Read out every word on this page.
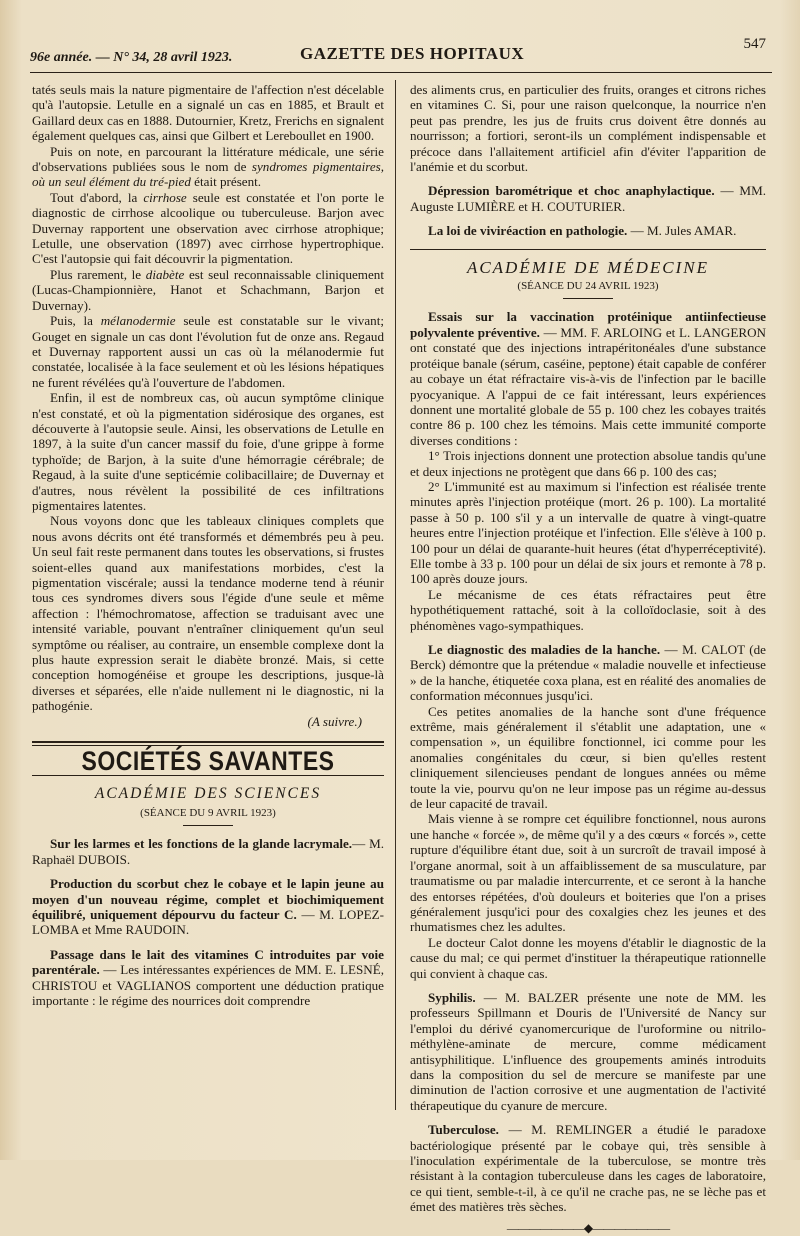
96e année. — N° 34, 28 avril 1923.	GAZETTE DES HOPITAUX	547

tatés seuls mais la nature pigmentaire de l'affection n'est décelable qu'à l'autopsie. Letulle en a signalé un cas en 1885, et Brault et Gaillard deux cas en 1888. Dutournier, Kretz, Frerichs en signalent également quelques cas, ainsi que Gilbert et Lereboullet en 1900.

Puis on note, en parcourant la littérature médicale, une série d'observations publiées sous le nom de syndromes pigmentaires, où un seul élément du tré-pied était présent.

Tout d'abord, la cirrhose seule est constatée et l'on porte le diagnostic de cirrhose alcoolique ou tuberculeuse. Barjon avec Duvernay rapportent une observation avec cirrhose atrophique; Letulle, une observation (1897) avec cirrhose hypertrophique. C'est l'autopsie qui fait découvrir la pigmentation.

Plus rarement, le diabète est seul reconnaissable cliniquement (Lucas-Championnière, Hanot et Schachmann, Barjon et Duvernay).

Puis, la mélanodermie seule est constatable sur le vivant; Gouget en signale un cas dont l'évolution fut de onze ans. Regaud et Duvernay rapportent aussi un cas où la mélanodermie fut constatée, localisée à la face seulement et où les lésions hépatiques ne furent révélées qu'à l'ouverture de l'abdomen.

Enfin, il est de nombreux cas, où aucun symptôme clinique n'est constaté, et où la pigmentation sidérosique des organes, est découverte à l'autopsie seule. Ainsi, les observations de Letulle en 1897, à la suite d'un cancer massif du foie, d'une grippe à forme typhoïde; de Barjon, à la suite d'une hémorragie cérébrale; de Regaud, à la suite d'une septicémie colibacillaire; de Duvernay et d'autres, nous révèlent la possibilité de ces infiltrations pigmentaires latentes.

Nous voyons donc que les tableaux cliniques complets que nous avons décrits ont été transformés et démembrés peu à peu. Un seul fait reste permanent dans toutes les observations, si frustes soient-elles quand aux manifestations morbides, c'est la pigmentation viscérale; aussi la tendance moderne tend à réunir tous ces syndromes divers sous l'égide d'une seule et même affection : l'hémochromatose, affection se traduisant avec une intensité variable, pouvant n'entraîner cliniquement qu'un seul symptôme ou réaliser, au contraire, un ensemble complexe dont la plus haute expression serait le diabète bronzé. Mais, si cette conception homogénéise et groupe les descriptions, jusque-là diverses et séparées, elle n'aide nullement ni le diagnostic, ni la pathogénie.

(A suivre.)

SOCIÉTÉS SAVANTES
ACADÉMIE DES SCIENCES
(SÉANCE DU 9 AVRIL 1923)

Sur les larmes et les fonctions de la glande lacrymale.— M. Raphaël DUBOIS.

Production du scorbut chez le cobaye et le lapin jeune au moyen d'un nouveau régime, complet et biochimiquement équilibré, uniquement dépourvu du facteur C. — M. LOPEZ-LOMBA et Mme RAUDOIN.

Passage dans le lait des vitamines C introduites par voie parentérale. — Les intéressantes expériences de MM. E. LESNÉ, CHRISTOU et VAGLIANOS comportent une déduction pratique importante : le régime des nourrices doit comprendre

des aliments crus, en particulier des fruits, oranges et citrons riches en vitamines C. Si, pour une raison quelconque, la nourrice n'en peut pas prendre, les jus de fruits crus doivent être donnés au nourrisson; a fortiori, seront-ils un complément indispensable et précoce dans l'allaitement artificiel afin d'éviter l'apparition de l'anémie et du scorbut.

Dépression barométrique et choc anaphylactique. — MM. Auguste LUMIÈRE et H. COUTURIER.

La loi de viviréaction en pathologie. — M. Jules AMAR.

ACADÉMIE DE MÉDECINE
(SÉANCE DU 24 AVRIL 1923)

Essais sur la vaccination protéinique antiinfectieuse polyvalente préventive. — MM. F. ARLOING et L. LANGERON ont constaté que des injections intrapéritonéales d'une substance protéique banale (sérum, caséine, peptone) était capable de conférer au cobaye un état réfractaire vis-à-vis de l'infection par le bacille pyocyanique. A l'appui de ce fait intéressant, leurs expériences donnent une mortalité globale de 55 p. 100 chez les cobayes traités contre 86 p. 100 chez les témoins. Mais cette immunité comporte diverses conditions :

1° Trois injections donnent une protection absolue tandis qu'une et deux injections ne protègent que dans 66 p. 100 des cas;

2° L'immunité est au maximum si l'infection est réalisée trente minutes après l'injection protéique (mort. 26 p. 100). La mortalité passe à 50 p. 100 s'il y a un intervalle de quatre à vingt-quatre heures entre l'injection protéique et l'infection. Elle s'élève à 100 p. 100 pour un délai de quarante-huit heures (état d'hyperréceptivité). Elle tombe à 33 p. 100 pour un délai de six jours et remonte à 78 p. 100 après douze jours.

Le mécanisme de ces états réfractaires peut être hypothétiquement rattaché, soit à la colloïdoclasie, soit à des phénomènes vago-sympathiques.

Le diagnostic des maladies de la hanche. — M. CALOT (de Berck) démontre que la prétendue « maladie nouvelle et infectieuse » de la hanche, étiquetée coxa plana, est en réalité des anomalies de conformation méconnues jusqu'ici.

Ces petites anomalies de la hanche sont d'une fréquence extrême, mais généralement il s'établit une adaptation, une « compensation », un équilibre fonctionnel, ici comme pour les anomalies congénitales du cœur, si bien qu'elles restent cliniquement silencieuses pendant de longues années ou même toute la vie, pourvu qu'on ne leur impose pas un régime au-dessus de leur capacité de travail.

Mais vienne à se rompre cet équilibre fonctionnel, nous aurons une hanche « forcée », de même qu'il y a des cœurs « forcés », cette rupture d'équilibre étant due, soit à un surcroît de travail imposé à l'organe anormal, soit à un affaiblissement de sa musculature, par traumatisme ou par maladie intercurrente, et ce seront à la hanche des entorses répétées, d'où douleurs et boiteries que l'on a prises généralement jusqu'ici pour des coxalgies chez les jeunes et des rhumatismes chez les adultes.

Le docteur Calot donne les moyens d'établir le diagnostic de la cause du mal; ce qui permet d'instituer la thérapeutique rationnelle qui convient à chaque cas.

Syphilis. — M. BALZER présente une note de MM. les professeurs Spillmann et Douris de l'Université de Nancy sur l'emploi du dérivé cyanomercurique de l'uroformine ou nitrilo-méthylène-aminate de mercure, comme médicament antisyphilitique. L'influence des groupements aminés introduits dans la composition du sel de mercure se manifeste par une diminution de l'action corrosive et une augmentation de l'activité thérapeutique du cyanure de mercure.

Tuberculose. — M. REMLINGER a étudié le paradoxe bactériologique présenté par le cobaye qui, très sensible à l'inoculation expérimentale de la tuberculose, se montre très résistant à la contagion tuberculeuse dans les cages de laboratoire, ce qui tient, semble-t-il, à ce qu'il ne crache pas, ne se lèche pas et émet des matières très sèches.

———————◆———————
